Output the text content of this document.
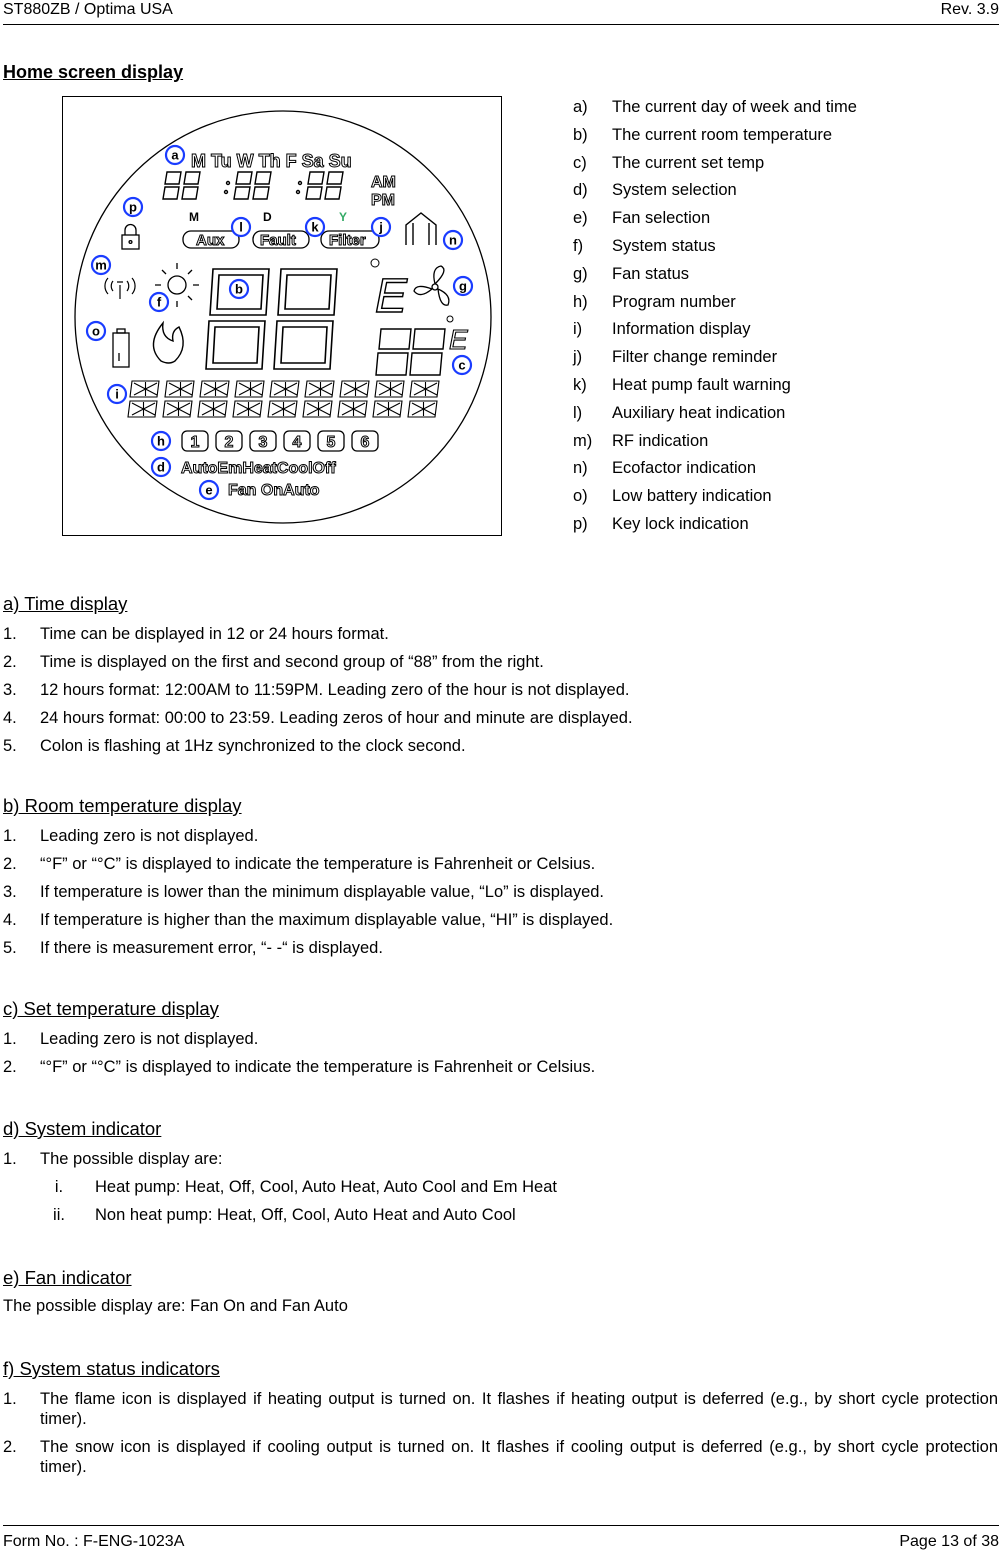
ST880ZB / Optima USA	Rev. 3.9
Home screen display
M Tu W Th F Sa Su
AM
PM
M	D	Y
Aux Fault Filter
E
E
1 2 3 4 5 6
AutoEmHeatCoolOff
Fan OnAuto
a
b
c
d
e
f
g
h
i
j
k
l
m
n
o
p
a) The current day of week and time
b) The current room temperature
c) The current set temp
d) System selection
e) Fan selection
f) System status
g) Fan status
h) Program number
i) Information display
j) Filter change reminder
k) Heat pump fault warning
l) Auxiliary heat indication
m) RF indication
n) Ecofactor indication
o) Low battery indication
p) Key lock indication
a) Time display
1. Time can be displayed in 12 or 24 hours format.
2. Time is displayed on the first and second group of “88” from the right.
3. 12 hours format: 12:00AM to 11:59PM. Leading zero of the hour is not displayed.
4. 24 hours format: 00:00 to 23:59. Leading zeros of hour and minute are displayed.
5. Colon is flashing at 1Hz synchronized to the clock second.
b) Room temperature display
1. Leading zero is not displayed.
2. “°F” or “°C” is displayed to indicate the temperature is Fahrenheit or Celsius.
3. If temperature is lower than the minimum displayable value, “Lo” is displayed.
4. If temperature is higher than the maximum displayable value, “HI” is displayed.
5. If there is measurement error, “- -“ is displayed.
c) Set temperature display
1. Leading zero is not displayed.
2. “°F” or “°C” is displayed to indicate the temperature is Fahrenheit or Celsius.
d) System indicator
1. The possible display are:
i.	Heat pump: Heat, Off, Cool, Auto Heat, Auto Cool and Em Heat
ii.	Non heat pump: Heat, Off, Cool, Auto Heat and Auto Cool
e) Fan indicator

The possible display are: Fan On and Fan Auto

f) System status indicators
1. The flame icon is displayed if heating output is turned on. It flashes if heating output is deferred (e.g., by short cycle protection timer).
2. The snow icon is displayed if cooling output is turned on. It flashes if cooling output is deferred (e.g., by short cycle protection timer).
Form No. : F-ENG-1023A	Page 13 of 38
